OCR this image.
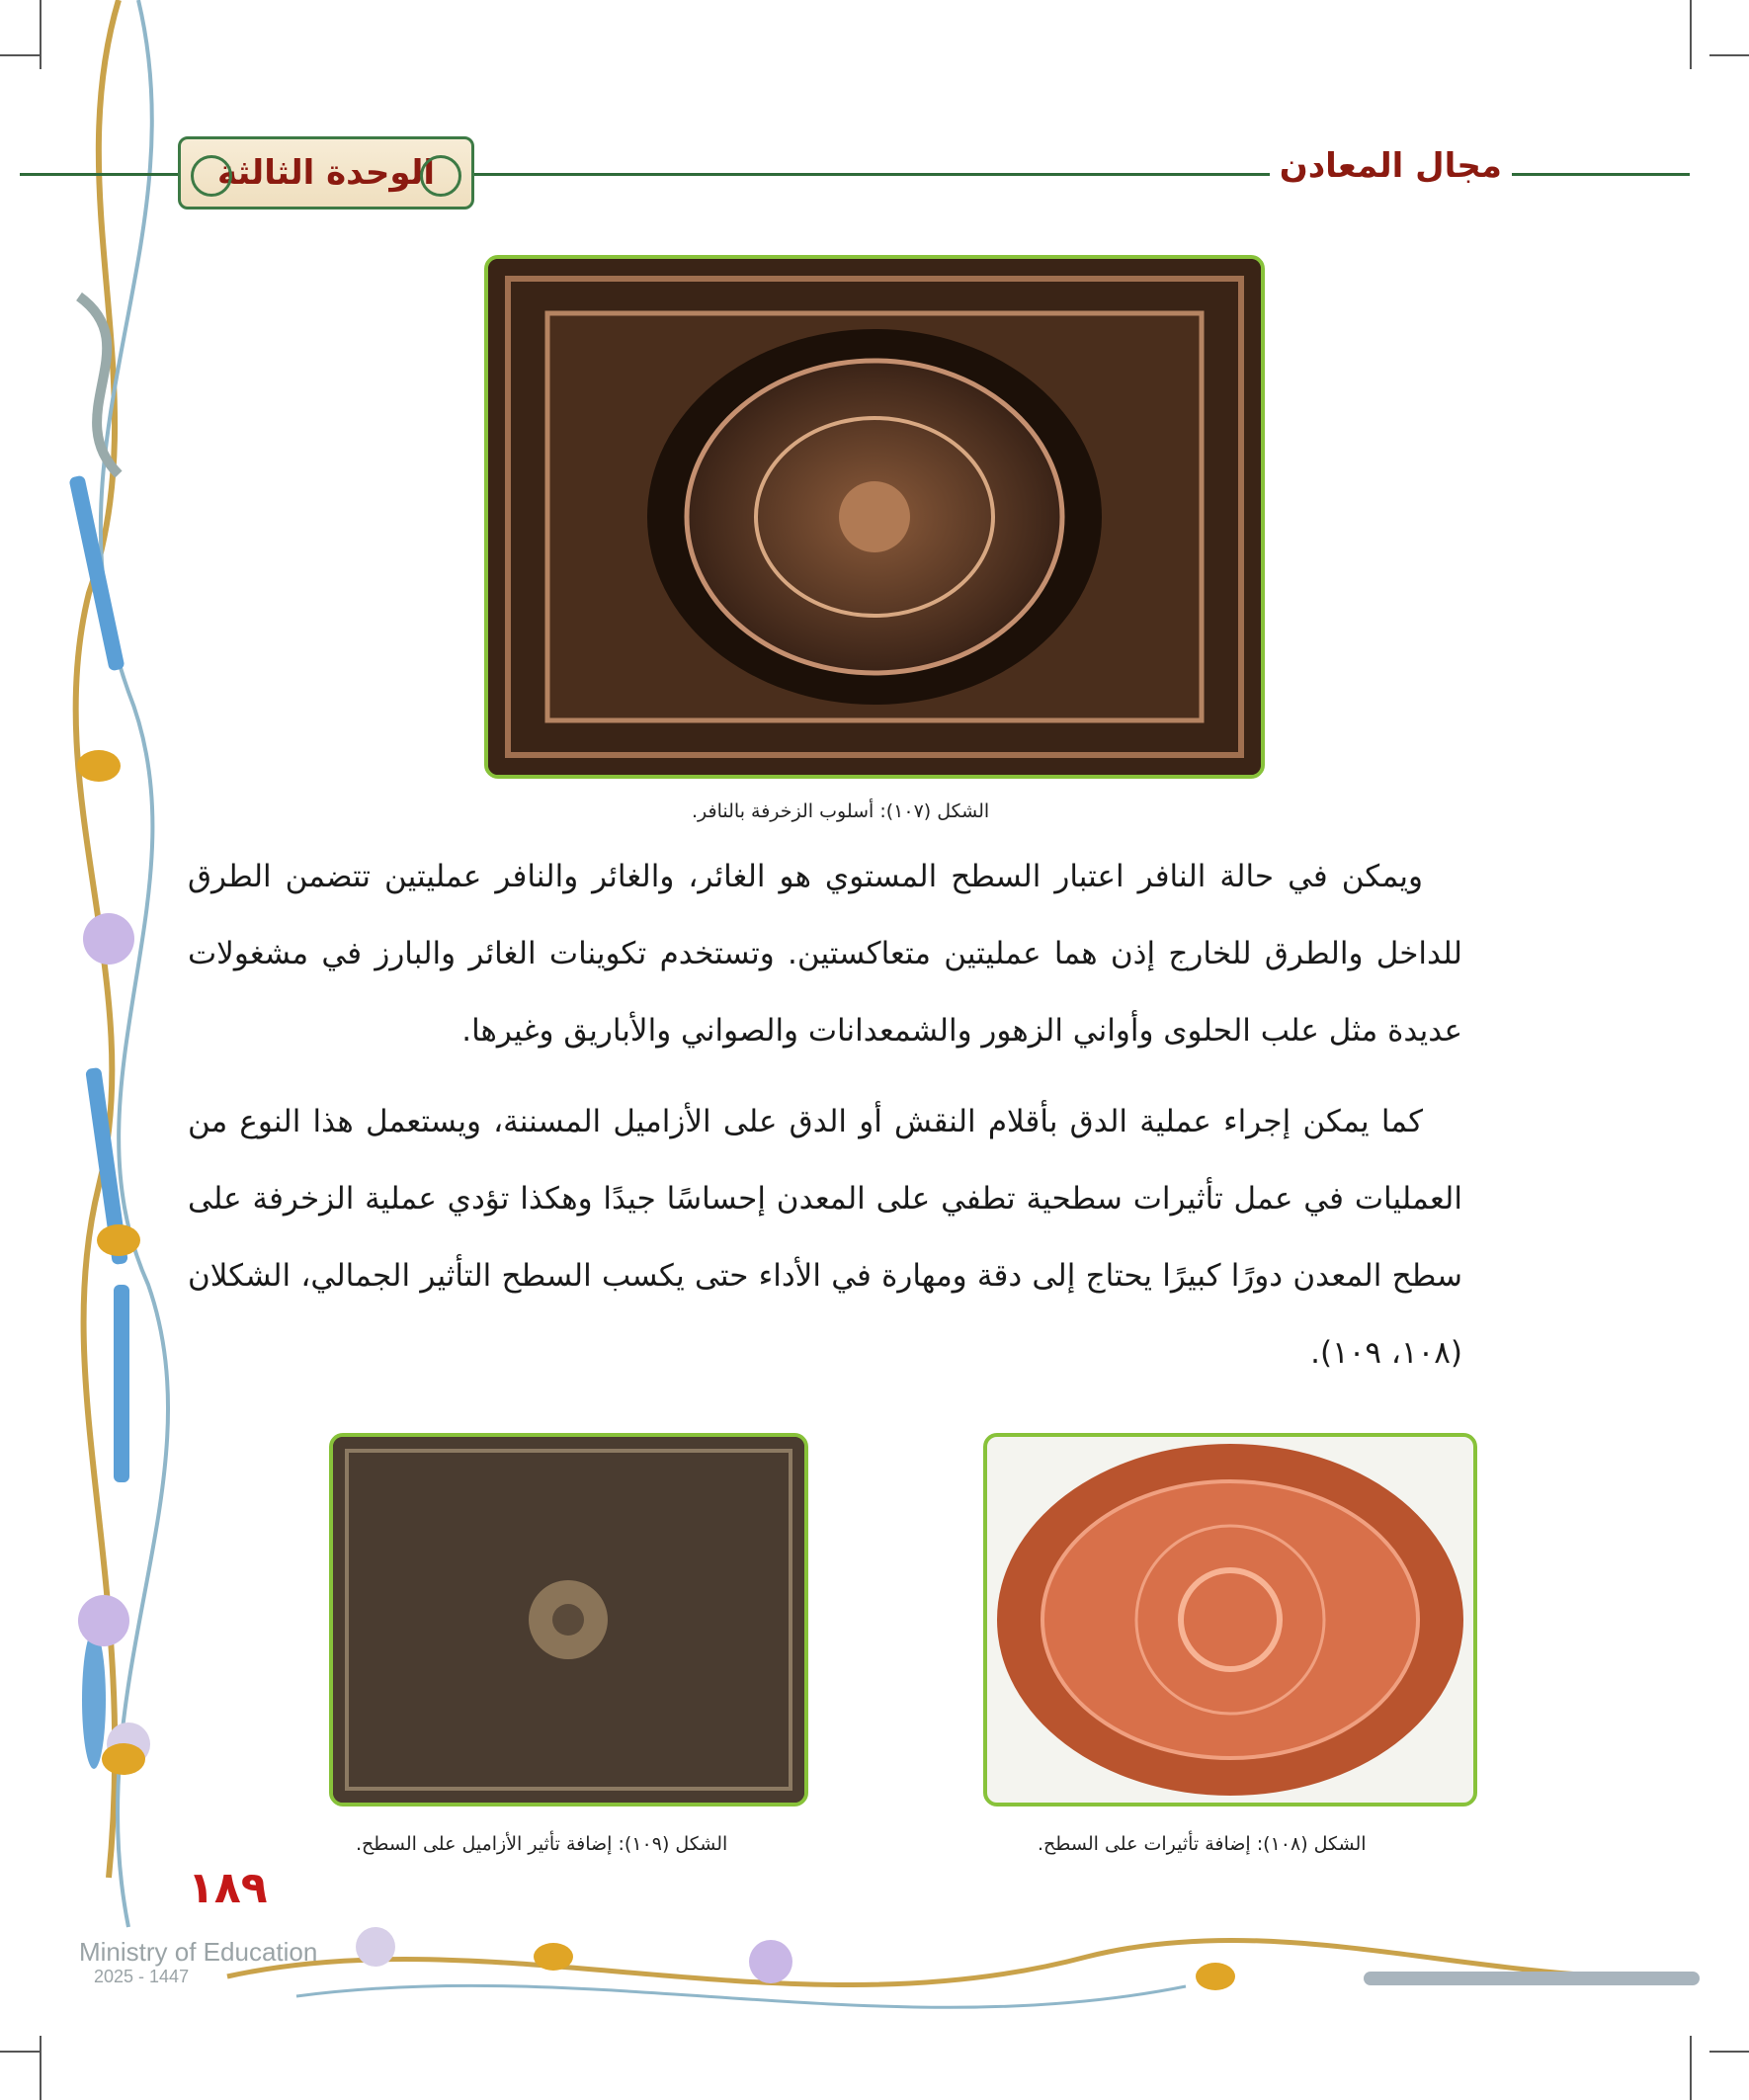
مجال المعادن
الوحدة الثالثة
الشكل (١٠٧): أسلوب الزخرفة بالنافر.

ويمكن في حالة النافر اعتبار السطح المستوي هو الغائر، والغائر والنافر عمليتين تتضمن الطرق للداخل والطرق للخارج إذن هما عمليتين متعاكستين. وتستخدم تكوينات الغائر والبارز في مشغولات عديدة مثل علب الحلوى وأواني الزهور والشمعدانات والصواني والأباريق وغيرها.

كما يمكن إجراء عملية الدق بأقلام النقش أو الدق على الأزاميل المسننة، ويستعمل هذا النوع من العمليات في عمل تأثيرات سطحية تطفي على المعدن إحساسًا جيدًا وهكذا تؤدي عملية الزخرفة على سطح المعدن دورًا كبيرًا يحتاج إلى دقة ومهارة في الأداء حتى يكسب السطح التأثير الجمالي، الشكلان (١٠٨، ١٠٩).

الشكل (١٠٨): إضافة تأثيرات على السطح.
الشكل (١٠٩): إضافة تأثير الأزاميل على السطح.
١٨٩
Ministry of Education
2025 - 1447
